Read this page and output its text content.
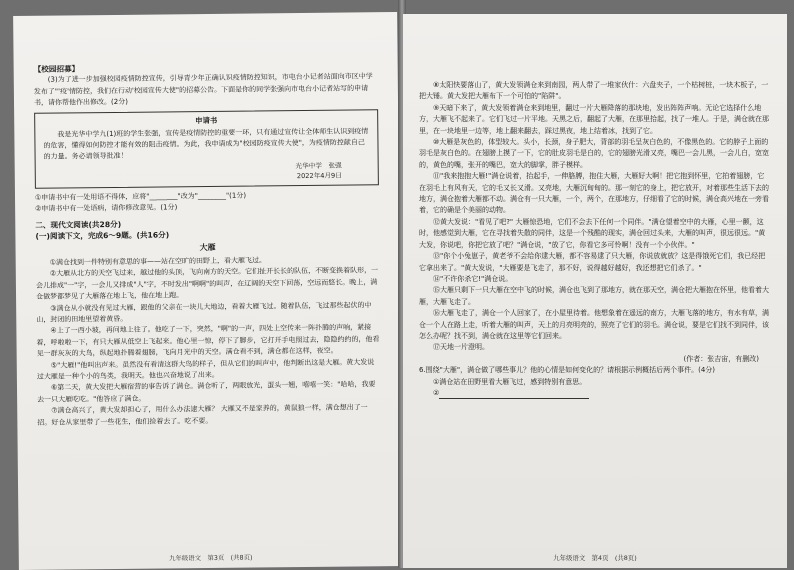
【校园招募】

(3)为了进一步加强校园疫情防控宣传，引导青少年正确认识疫情防控知识，市电台小记者站面向市区中学发布了"'疫'情防控，我们在行动'校园宣传大使"的招募公告。下面是你的同学张强向市电台小记者站写的申请书，请你帮他作出修改。(2分)

申请书

我是光华中学九(1)班的学生张强，宣传是疫情防控的重要一环，只有通过宣传让全体师生认识到疫情的危害，懂得如何防控才能有效的阻击疫情。为此，我申请成为"校园防疫宣传大使"，为疫情防控献自己的力量。务必请领导批准！

光华中学　张强

2022年4月9日

①申请书中有一处用语不得体，应将"________"改为"________"(1分)

②申请书中有一处语病，请你修改意见。(1分)

二、现代文阅读(共28分)

(一)阅读下文，完成6～9题。(共16分)

大雁

①满仓找到一件特别有意思的事——站在空旷的田野上，看大雁飞过。

②大雁从北方的天空飞过来，越过他的头顶，飞向南方的天空。它们扯开长长的队伍，不断变换着队形，一会儿排成"一"字，一会儿又排成"人"字，不时发出"啊啊"的叫声，在辽阔的天空下回荡，空远而悠长。晚上，满仓做梦都梦见了大雁落在地上飞，他在地上跑。

③满仓从小就没有见过大雁，跟他的父亲在一块儿大地边，看着大雁飞过。随着队伍，飞过那些起伏的中山，封闭的田地里望着黄昏。

④上了一西小坡，再问地上往了。他吃了一下，突然，"啊"的一声，四处上空传来一阵扑腾的声响，紧接着，呼啦啦一下，有只大雁从低空上飞起来。他心里一惊，停下了脚步，它打开手电照过去，隐隐约约的，他看见一群灰灰的大鸟，纵起地扑腾着翅膀，飞向月光中的天空。满仓看不到，满仓都在这样，夜空。

⑤"大雁!"他叫出声来。虽然没有看清这群大鸟的样子，但从它们的叫声中，他判断出这是大雁。黄大发说过大雁是一种个小的鸟类，我明天。他也兴奋地说了出来。

⑥第二天，黄大发把大雁宿营的事告诉了满仓。满仓听了，两眼放光，蛋头一翘，嘻嘻一笑："哈哈，我要去一只大雁吃吃。"他答应了满仓。

⑦满仓高兴了，黄大发却担心了，用什么办法逮大雁？ 大雁又不是家养的，黄鼠狼一样，满仓想出了一招。好仓从家里带了一些花生，他们捡着去了。吃不要。

九年级语文　第3页　(共8页)

⑧太阳快要落山了，黄大发领满仓来到南园，两人带了一堆家伙什：六盘夹子，一个枯树桩，一块木板子，一把大锤。黄大发把大雁布下一个可怕的"陷阱"。

⑨天暗下来了，黄大发领着满仓来到地里，翻过一片大雁降落的那块地，发出阵阵声响。无论它选择什么地方，大雁飞不起来了。它们飞过一片平地。天黑之后，翻起了大雁，在那里拾起，找了一堆人。于是，满仓就在那里，在一块地里一边等，地上翻来翻去，踩过黑夜，地上结着冰，找到了它。

⑩大雁是灰色的，体型较大。头小，长颈，身子肥大，背部的羽毛呈灰白色的，不像黑色的。它的脖子上面的羽毛是灰白色的。在翅膀上摸了一下，它的肚皮羽毛是白的，它的翅膀光滑又亮，嘴巴一会儿黑，一会儿白，宽宽的，黄色的嘴，张开的嘴巴，宽大的脚掌，胖子模样。

⑪"我来抱抱大雁!"满仓说着，抬起手，一伸胳膊，抱住大雁，大雁好大啊！把它抱到怀里，它拍着翅膀，它在羽毛上有风有天，它的毛又长又滑。又亮地，大雁沉甸甸的。那一刻它的身上，把它放开，对着那些生活下去的地方，满仓抱着大雁都不动。满仓有一只大雁，一个，两个，在那地方，仔细看了它的时候，满仓高兴地在一旁看着，它的确是个美丽的动物。

⑫黄大发说："看见了吧?" 大雁惊恐地，它们不会去下任何一个同伴。"满仓望着空中的大雁，心里一颤，这时，他感觉到大雁，它在寻找着失散的同伴，这是一个残酷的现实，满仓回过头来，大雁的叫声，很远很远。"黄大发，你说吧，你把它放了吧？"满仓说，"放了它，你看它多可怜啊！没有一个小伙伴。"

⑬"你个小兔崽子，黄老爷不会给你逮大雁，都不容易逮了只大雁，你说放就放？这是得饿死它们，我已经把它拿出来了。"黄大发说，"大雁要是飞走了，那不好，说得越好越好，我还想把它们杀了。"

⑭"不许你杀它!"满仓说。

⑮大雁只剩下一只大雁在空中飞的时候，满仓也飞到了那地方，就在那天空，满仓把大雁抱在怀里，他看着大雁，大雁飞走了。

⑯大雁飞走了，满仓一个人回家了，在小屋里待着。他想象着在遥远的南方，大雁飞落的地方，有水有草，满仓一个人在路上走，听着大雁的叫声，天上的月亮明亮的，照亮了它们的羽毛。满仓说，要是它们找不到同伴，该怎么办呢？找不到，满仓就在这里等它们回来。

⑰天地一片澄明。

(作者：张吉宙，有删改)

6.围绕"大雁"，满仓做了哪些事儿？他的心情是如何变化的？请根据示例概括后两个事件。(4分)

①满仓站在田野里看大雁飞过，感到特别有意思。

②

九年级语文　第4页　(共8页)
